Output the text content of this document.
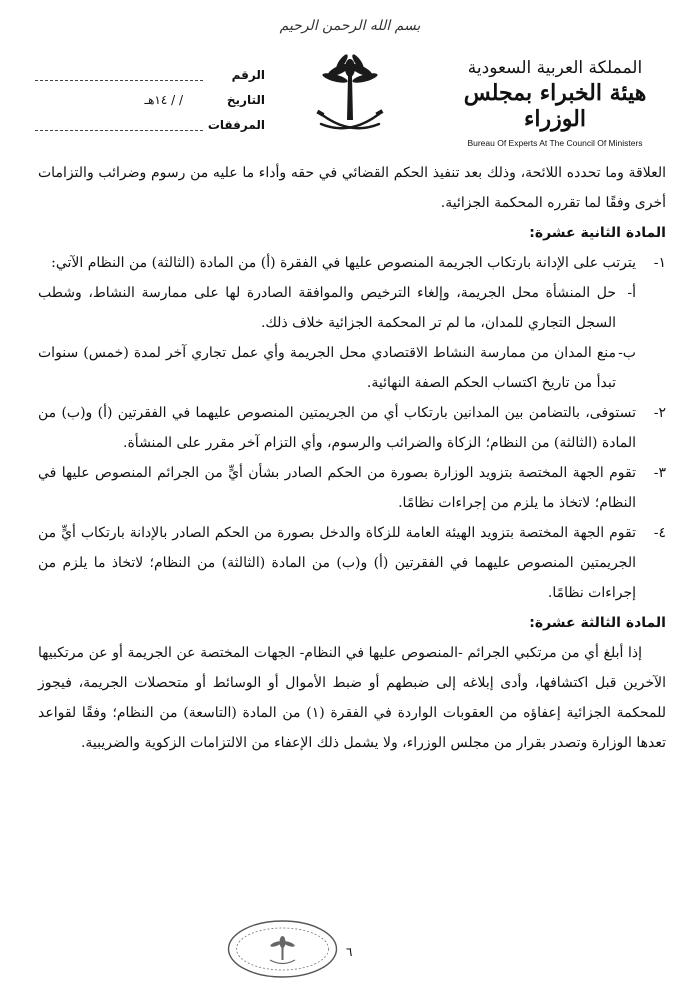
بسم الله الرحمن الرحيم
الرقم
التاريخ
/ / ١٤هـ
المرفقات
المملكة العربية السعودية
هيئة الخبراء بمجلس الوزراء
Bureau Of Experts At The Council Of Ministers

العلاقة وما تحدده اللائحة، وذلك بعد تنفيذ الحكم القضائي في حقه وأداء ما عليه من رسوم وضرائب والتزامات أخرى وفقًا لما تقرره المحكمة الجزائية.

المادة الثانية عشرة:

١-
يترتب على الإدانة بارتكاب الجريمة المنصوص عليها في الفقرة (أ) من المادة (الثالثة) من النظام الآتي:
أ-
حل المنشأة محل الجريمة، وإلغاء الترخيص والموافقة الصادرة لها على ممارسة النشاط، وشطب السجل التجاري للمدان، ما لم تر المحكمة الجزائية خلاف ذلك.
ب-
منع المدان من ممارسة النشاط الاقتصادي محل الجريمة وأي عمل تجاري آخر لمدة (خمس) سنوات تبدأ من تاريخ اكتساب الحكم الصفة النهائية.
٢-
تستوفى، بالتضامن بين المدانين بارتكاب أي من الجريمتين المنصوص عليهما في الفقرتين (أ) و(ب) من المادة (الثالثة) من النظام؛ الزكاة والضرائب والرسوم، وأي التزام آخر مقرر على المنشأة.
٣-
تقوم الجهة المختصة بتزويد الوزارة بصورة من الحكم الصادر بشأن أيٍّ من الجرائم المنصوص عليها في النظام؛ لاتخاذ ما يلزم من إجراءات نظامًا.
٤-
تقوم الجهة المختصة بتزويد الهيئة العامة للزكاة والدخل بصورة من الحكم الصادر بالإدانة بارتكاب أيٍّ من الجريمتين المنصوص عليهما في الفقرتين (أ) و(ب) من المادة (الثالثة) من النظام؛ لاتخاذ ما يلزم من إجراءات نظامًا.

المادة الثالثة عشرة:

إذا أبلغ أي من مرتكبي الجرائم -المنصوص عليها في النظام- الجهات المختصة عن الجريمة أو عن مرتكبيها الآخرين قبل اكتشافها، وأدى إبلاغه إلى ضبطهم أو ضبط الأموال أو الوسائط أو متحصلات الجريمة، فيجوز للمحكمة الجزائية إعفاؤه من العقوبات الواردة في الفقرة (١) من المادة (التاسعة) من النظام؛ وفقًا لقواعد تعدها الوزارة وتصدر بقرار من مجلس الوزراء، ولا يشمل ذلك الإعفاء من الالتزامات الزكوية والضريبية.

٦
